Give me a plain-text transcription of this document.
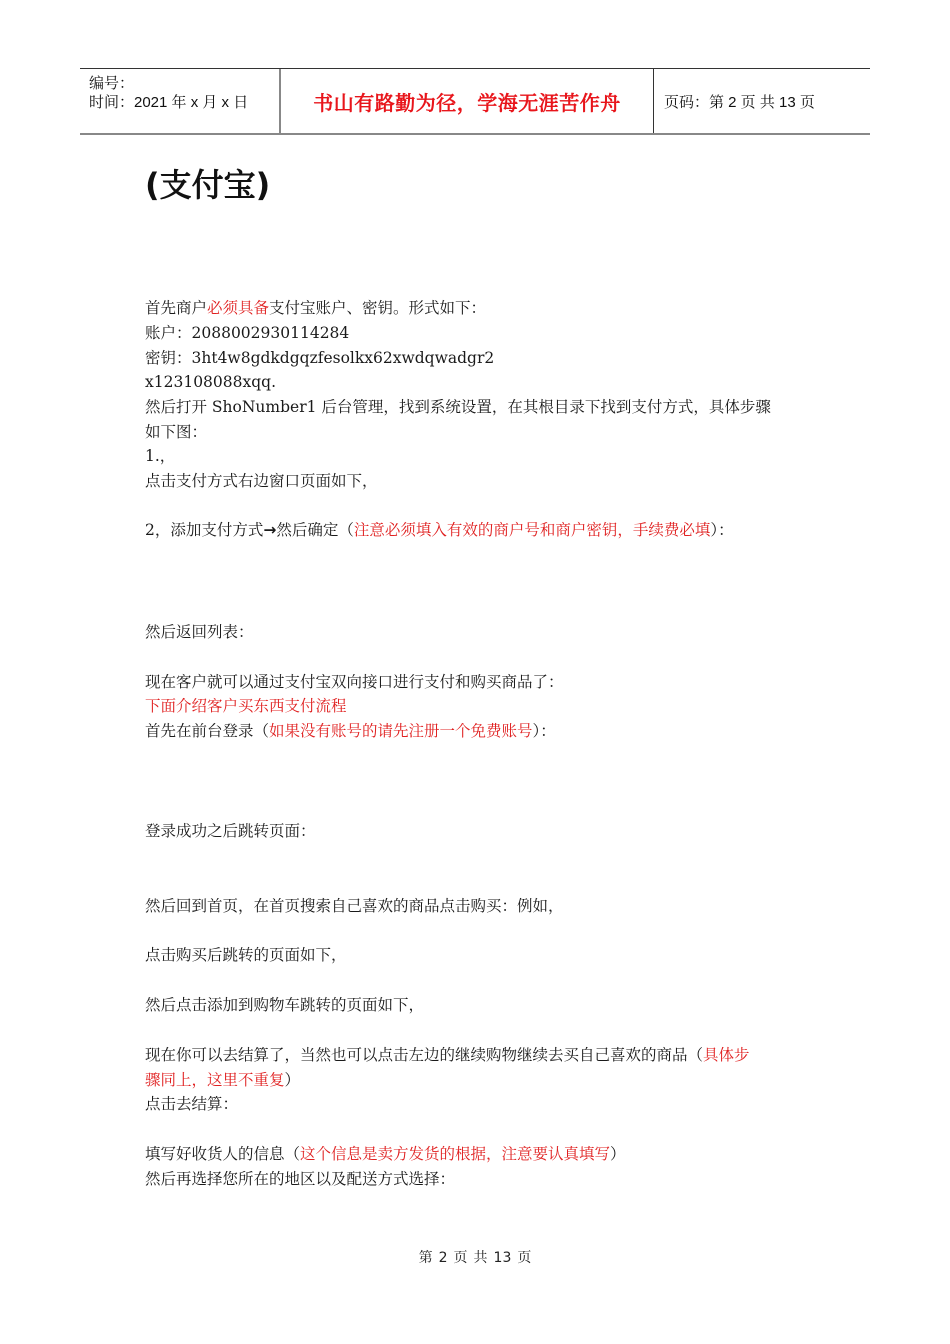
编号：
时间：2021 年 x 月 x 日	书山有路勤为径，学海无涯苦作舟	页码：第 2 页 共 13 页
(支付宝)
首先商户必须具备支付宝账户、密钥。形式如下：
账户：2088002930114284
密钥：3ht4w8gdkdgqzfesolkx62xwdqwadgr2
x123108088xqq.
然后打开 ShoNumber1 后台管理，找到系统设置，在其根目录下找到支付方式，具体步骤
如下图：
1.，
点击支付方式右边窗口页面如下，
2，添加支付方式→然后确定（注意必须填入有效的商户号和商户密钥，手续费必填）：
然后返回列表：
现在客户就可以通过支付宝双向接口进行支付和购买商品了：
下面介绍客户买东西支付流程
首先在前台登录（如果没有账号的请先注册一个免费账号）：
登录成功之后跳转页面：
然后回到首页，在首页搜索自己喜欢的商品点击购买：例如，
点击购买后跳转的页面如下，
然后点击添加到购物车跳转的页面如下，
现在你可以去结算了，当然也可以点击左边的继续购物继续去买自己喜欢的商品（具体步
骤同上，这里不重复）
点击去结算：
填写好收货人的信息（这个信息是卖方发货的根据，注意要认真填写）
然后再选择您所在的地区以及配送方式选择：
第 2 页 共 13 页
